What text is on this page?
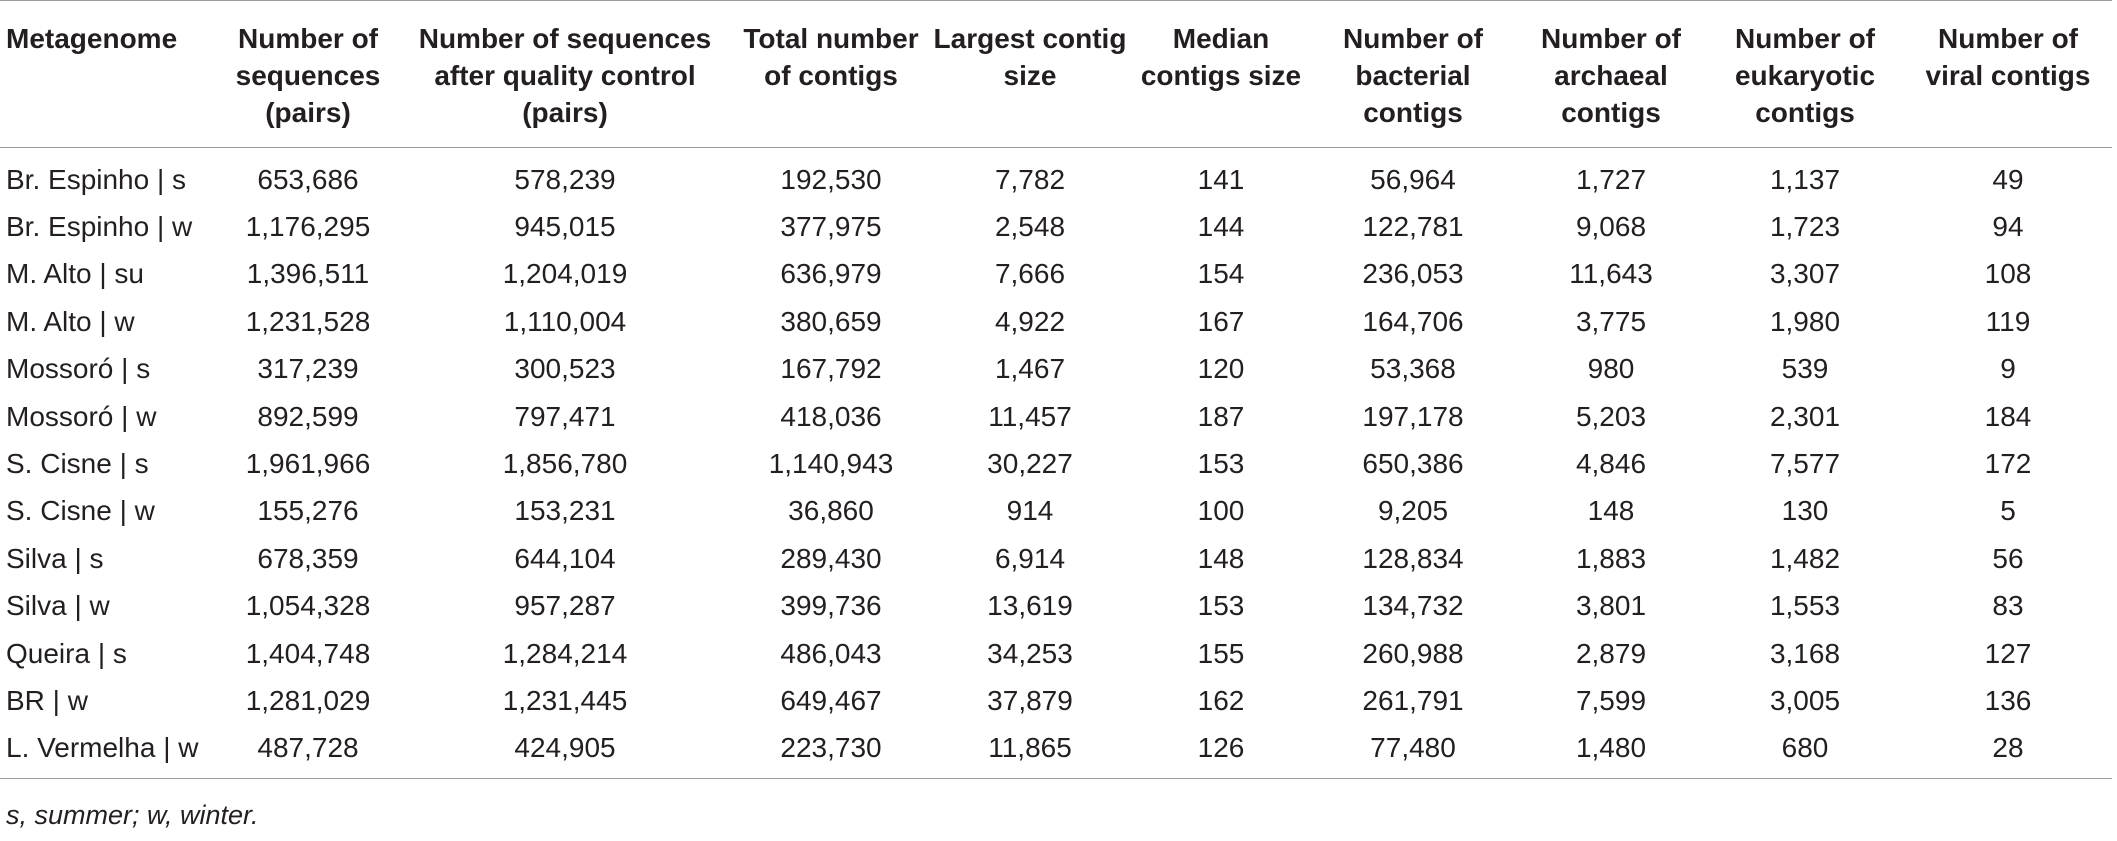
Metagenome	Number of sequences (pairs)	Number of sequences after quality control (pairs)	Total number of contigs	Largest contig size	Median contigs size	Number of bacterial contigs	Number of archaeal contigs	Number of eukaryotic contigs	Number of viral contigs
Br. Espinho | s	653,686	578,239	192,530	7,782	141	56,964	1,727	1,137	49
Br. Espinho | w	1,176,295	945,015	377,975	2,548	144	122,781	9,068	1,723	94
M. Alto | su	1,396,511	1,204,019	636,979	7,666	154	236,053	11,643	3,307	108
M. Alto | w	1,231,528	1,110,004	380,659	4,922	167	164,706	3,775	1,980	119
Mossoró | s	317,239	300,523	167,792	1,467	120	53,368	980	539	9
Mossoró | w	892,599	797,471	418,036	11,457	187	197,178	5,203	2,301	184
S. Cisne | s	1,961,966	1,856,780	1,140,943	30,227	153	650,386	4,846	7,577	172
S. Cisne | w	155,276	153,231	36,860	914	100	9,205	148	130	5
Silva | s	678,359	644,104	289,430	6,914	148	128,834	1,883	1,482	56
Silva | w	1,054,328	957,287	399,736	13,619	153	134,732	3,801	1,553	83
Queira | s	1,404,748	1,284,214	486,043	34,253	155	260,988	2,879	3,168	127
BR | w	1,281,029	1,231,445	649,467	37,879	162	261,791	7,599	3,005	136
L. Vermelha | w	487,728	424,905	223,730	11,865	126	77,480	1,480	680	28
s, summer; w, winter.
